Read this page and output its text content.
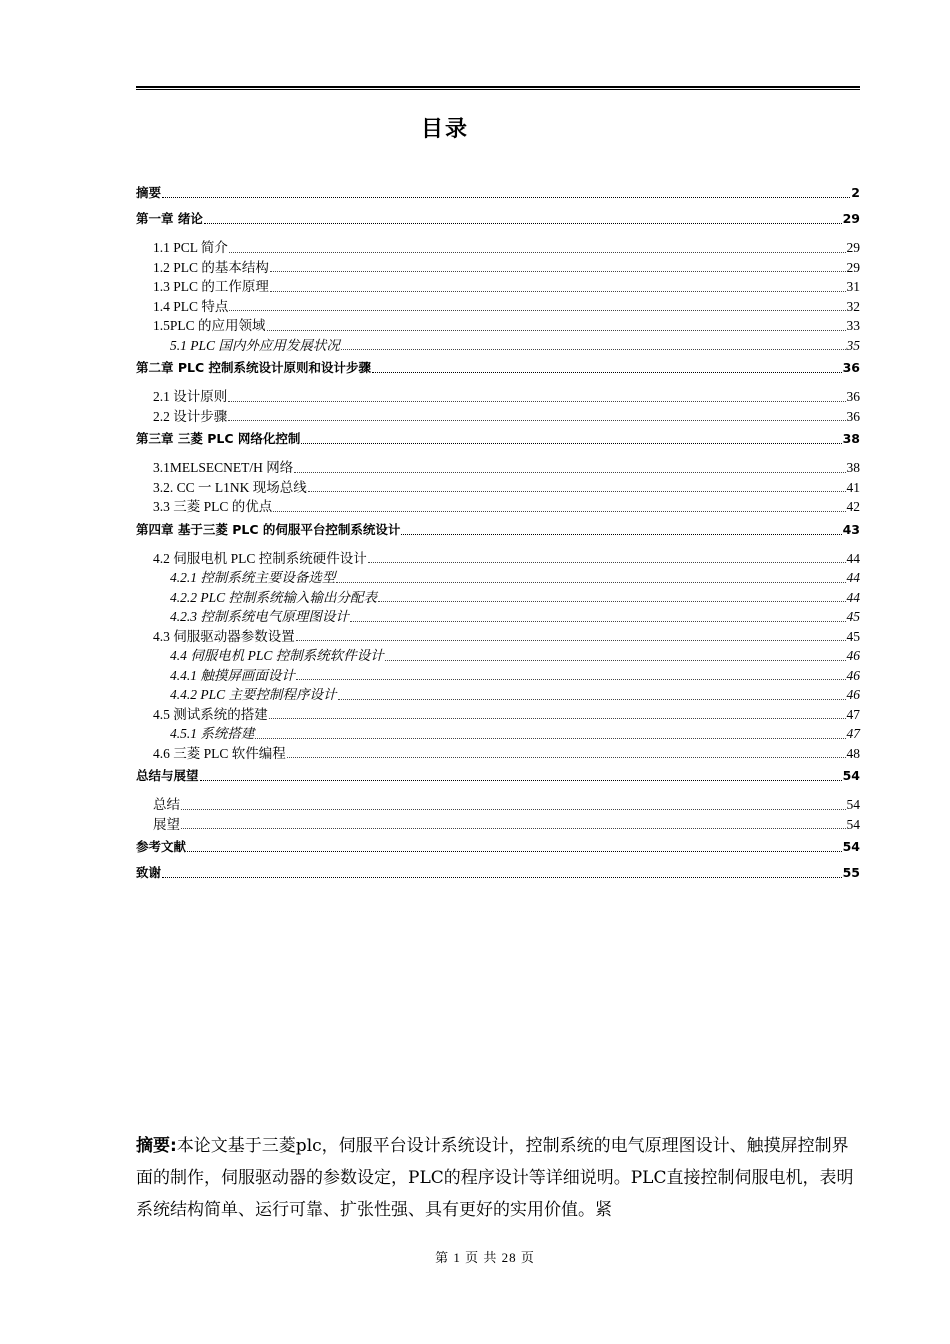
目录
摘要	2
第一章 绪论	29
1.1 PCL 简介	29
1.2 PLC 的基本结构	29
1.3 PLC 的工作原理	31
1.4 PLC 特点	32
1.5PLC 的应用领域	33
5.1 PLC 国内外应用发展状况	35
第二章 PLC 控制系统设计原则和设计步骤	36
2.1 设计原则	36
2.2 设计步骤	36
第三章 三菱 PLC 网络化控制	38
3.1MELSECNET/H 网络	38
3.2. CC 一 L1NK 现场总线	41
3.3 三菱 PLC 的优点	42
第四章 基于三菱 PLC 的伺服平台控制系统设计	43
4.2 伺服电机 PLC 控制系统硬件设计	44
4.2.1 控制系统主要设备选型	44
4.2.2 PLC 控制系统输入输出分配表	44
4.2.3 控制系统电气原理图设计	45
4.3 伺服驱动器参数设置	45
4.4 伺服电机 PLC 控制系统软件设计	46
4.4.1 触摸屏画面设计	46
4.4.2 PLC 主要控制程序设计	46
4.5 测试系统的搭建	47
4.5.1 系统搭建	47
4.6 三菱 PLC 软件编程	48
总结与展望	54
总结	54
展望	54
参考文献	54
致谢	55
摘要:本论文基于三菱plc，伺服平台设计系统设计，控制系统的电气原理图设计、触摸屏控制界面的制作，伺服驱动器的参数设定，PLC的程序设计等详细说明。PLC直接控制伺服电机，表明系统结构简单、运行可靠、扩张性强、具有更好的实用价值。紧
第 1 页 共 28 页
